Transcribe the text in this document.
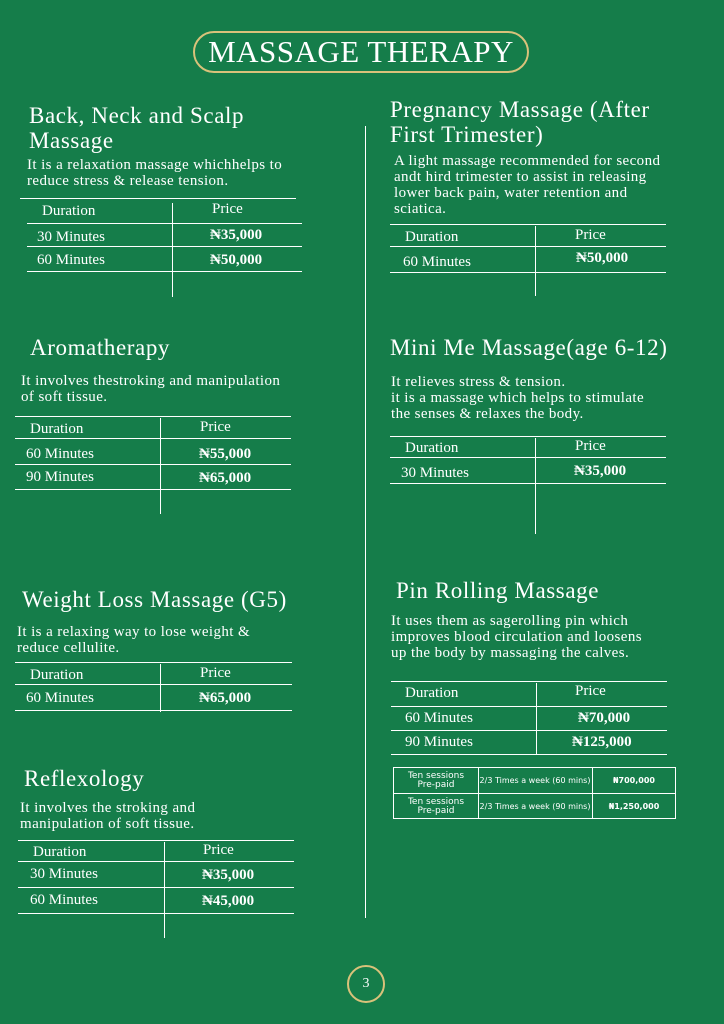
MASSAGE THERAPY
Back, Neck and Scalp
Massage

It is a relaxation massage whichhelps to
reduce stress & release tension.

Duration	Price
30 Minutes	₦35,000
60 Minutes	₦50,000
Aromatherapy

It involves thestroking and manipulation
of soft tissue.

Duration	Price
60 Minutes	₦55,000
90 Minutes	₦65,000
Weight Loss Massage (G5)

It is a relaxing way to lose weight &
reduce cellulite.

Duration	Price
60 Minutes	₦65,000
Reflexology

It involves the stroking and
manipulation of soft tissue.

Duration	Price
30 Minutes	₦35,000
60 Minutes	₦45,000
Pregnancy Massage (After
First Trimester)

A light massage recommended for second
andt hird trimester to assist in releasing
lower back pain, water retention and
sciatica.

Duration	Price
60 Minutes	₦50,000
Mini Me Massage(age 6-12)

It relieves stress & tension.
it is a massage which helps to stimulate
the senses & relaxes the body.

Duration	Price
30 Minutes	₦35,000
Pin Rolling Massage

It uses them as sagerolling pin which
improves blood circulation and loosens
up the body by massaging the calves.

Duration	Price
60 Minutes	₦70,000
90 Minutes	₦125,000
Ten sessions
Pre-paid	2/3 Times a week (60 mins)	₦700,000
Ten sessions
Pre-paid	2/3 Times a week (90 mins)	₦1,250,000
3
